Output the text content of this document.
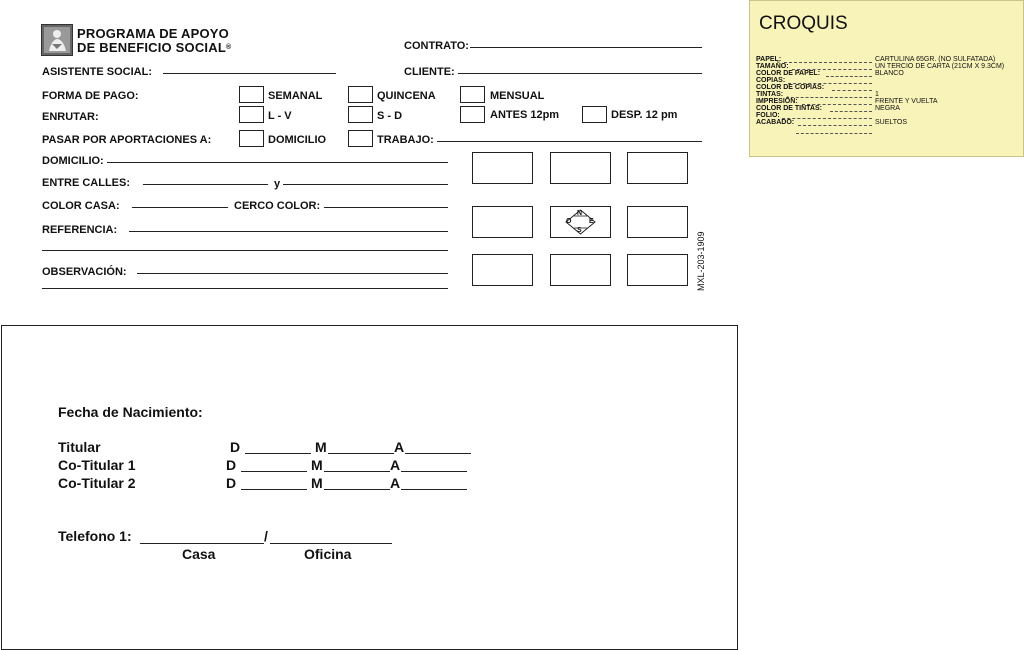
PROGRAMA DE APOYO
DE BENEFICIO SOCIAL®	CONTRATO:
ASISTENTE SOCIAL:	CLIENTE:
FORMA DE PAGO:	SEMANAL	QUINCENA	MENSUAL
ENRUTAR:	L - V	S - D	ANTES 12pm	DESP. 12 pm
PASAR POR APORTACIONES A:	DOMICILIO	TRABAJO:
DOMICILIO:
ENTRE CALLES:	y
COLOR CASA:	CERCO COLOR:
REFERENCIA:
OBSERVACIÓN:
N
S
E
O
MXL-203-1909
CROQUIS
PAPEL:	CARTULINA 65GR. (NO SULFATADA)
TAMAÑO:	UN TERCIO DE CARTA (21CM X 9.3CM)
COLOR DE PAPEL:	BLANCO
COPIAS:
COLOR DE COPIAS:
TINTAS:	1
IMPRESIÓN:	FRENTE Y VUELTA
COLOR DE TINTAS:	NEGRA
FOLIO:
ACABADO:	SUELTOS
Fecha de Nacimiento:
Titular	D	M	A
Co-Titular 1	D	M	A
Co-Titular 2	D	M	A
Telefono 1:	/
Casa	Oficina
